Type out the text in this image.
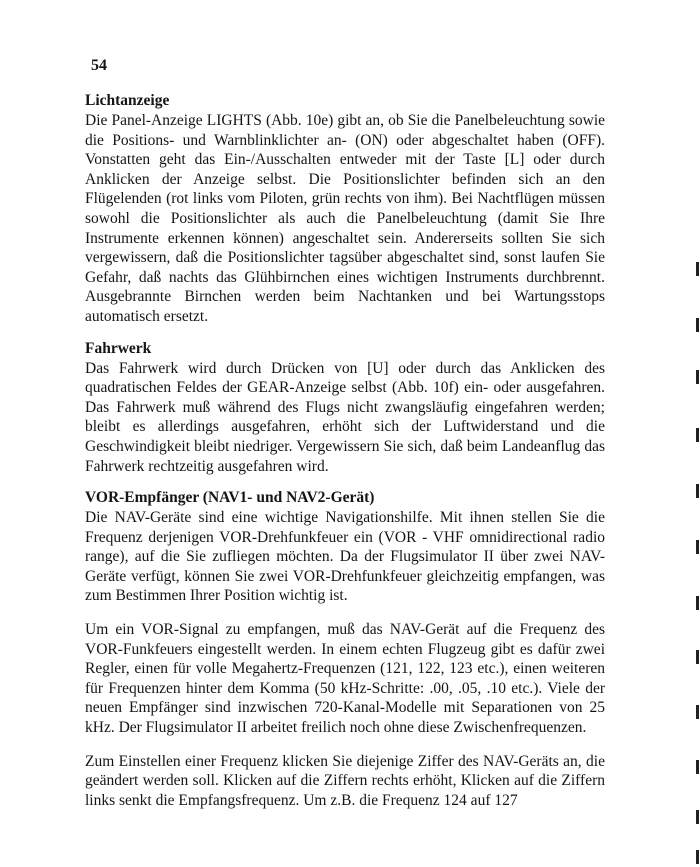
54
Lichtanzeige

Die Panel-Anzeige LIGHTS (Abb. 10e) gibt an, ob Sie die Panelbeleuchtung sowie die Positions- und Warnblinklichter an- (ON) oder abgeschaltet haben (OFF). Vonstatten geht das Ein-/Ausschalten entweder mit der Taste [L] oder durch Anklicken der Anzeige selbst. Die Positionslichter befinden sich an den Flügelenden (rot links vom Piloten, grün rechts von ihm). Bei Nachtflügen müssen sowohl die Positionslichter als auch die Panelbeleuchtung (damit Sie Ihre Instrumente erkennen können) angeschaltet sein. Andererseits sollten Sie sich vergewissern, daß die Positionslichter tagsüber abgeschaltet sind, sonst laufen Sie Gefahr, daß nachts das Glühbirnchen eines wichtigen Instruments durchbrennt. Ausgebrannte Birnchen werden beim Nachtanken und bei Wartungsstops automatisch ersetzt.

Fahrwerk

Das Fahrwerk wird durch Drücken von [U] oder durch das Anklicken des quadratischen Feldes der GEAR-Anzeige selbst (Abb. 10f) ein- oder ausgefahren. Das Fahrwerk muß während des Flugs nicht zwangsläufig eingefahren werden; bleibt es allerdings ausgefahren, erhöht sich der Luftwiderstand und die Geschwindigkeit bleibt niedriger. Vergewissern Sie sich, daß beim Landeanflug das Fahrwerk rechtzeitig ausgefahren wird.

VOR-Empfänger (NAV1- und NAV2-Gerät)

Die NAV-Geräte sind eine wichtige Navigationshilfe. Mit ihnen stellen Sie die Frequenz derjenigen VOR-Drehfunkfeuer ein (VOR - VHF omnidirectional radio range), auf die Sie zufliegen möchten. Da der Flugsimulator II über zwei NAV-Geräte verfügt, können Sie zwei VOR-Drehfunkfeuer gleichzeitig empfangen, was zum Bestimmen Ihrer Position wichtig ist.

Um ein VOR-Signal zu empfangen, muß das NAV-Gerät auf die Frequenz des VOR-Funkfeuers eingestellt werden. In einem echten Flugzeug gibt es dafür zwei Regler, einen für volle Megahertz-Frequenzen (121, 122, 123 etc.), einen weiteren für Frequenzen hinter dem Komma (50 kHz-Schritte: .00, .05, .10 etc.). Viele der neuen Empfänger sind inzwischen 720-Kanal-Modelle mit Separationen von 25 kHz. Der Flugsimulator II arbeitet freilich noch ohne diese Zwischenfrequenzen.

Zum Einstellen einer Frequenz klicken Sie diejenige Ziffer des NAV-Geräts an, die geändert werden soll. Klicken auf die Ziffern rechts erhöht, Klicken auf die Ziffern links senkt die Empfangsfrequenz. Um z.B. die Frequenz 124 auf 127
